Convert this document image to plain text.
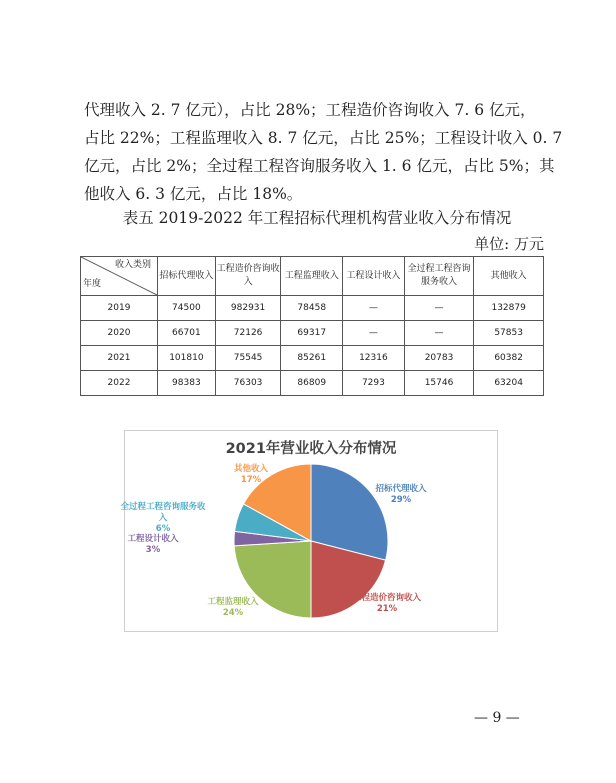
代理收入 2. 7 亿元），占比 28%；工程造价咨询收入 7. 6 亿元，

占比 22%；工程监理收入 8. 7 亿元，占比 25%；工程设计收入 0. 7

亿元，占比 2%；全过程工程咨询服务收入 1. 6 亿元，占比 5%；其

他收入 6. 3 亿元，占比 18%。

表五 2019-2022 年工程招标代理机构营业收入分布情况
单位: 万元
收入类别
年度	招标代理收入	工程造价咨询收入	工程监理收入	工程设计收入	全过程工程咨询服务收入	其他收入
2019	74500	982931	78458	—	—	132879
2020	66701	72126	69317	—	—	57853
2021	101810	75545	85261	12316	20783	60382
2022	98383	76303	86809	7293	15746	63204
2021年营业收入分布情况
招标代理收入
29%
工程造价咨询收入
21%
工程监理收入
24%
工程设计收入
3%
全过程工程咨询服务收入
6%
其他收入
17%
— 9 —
